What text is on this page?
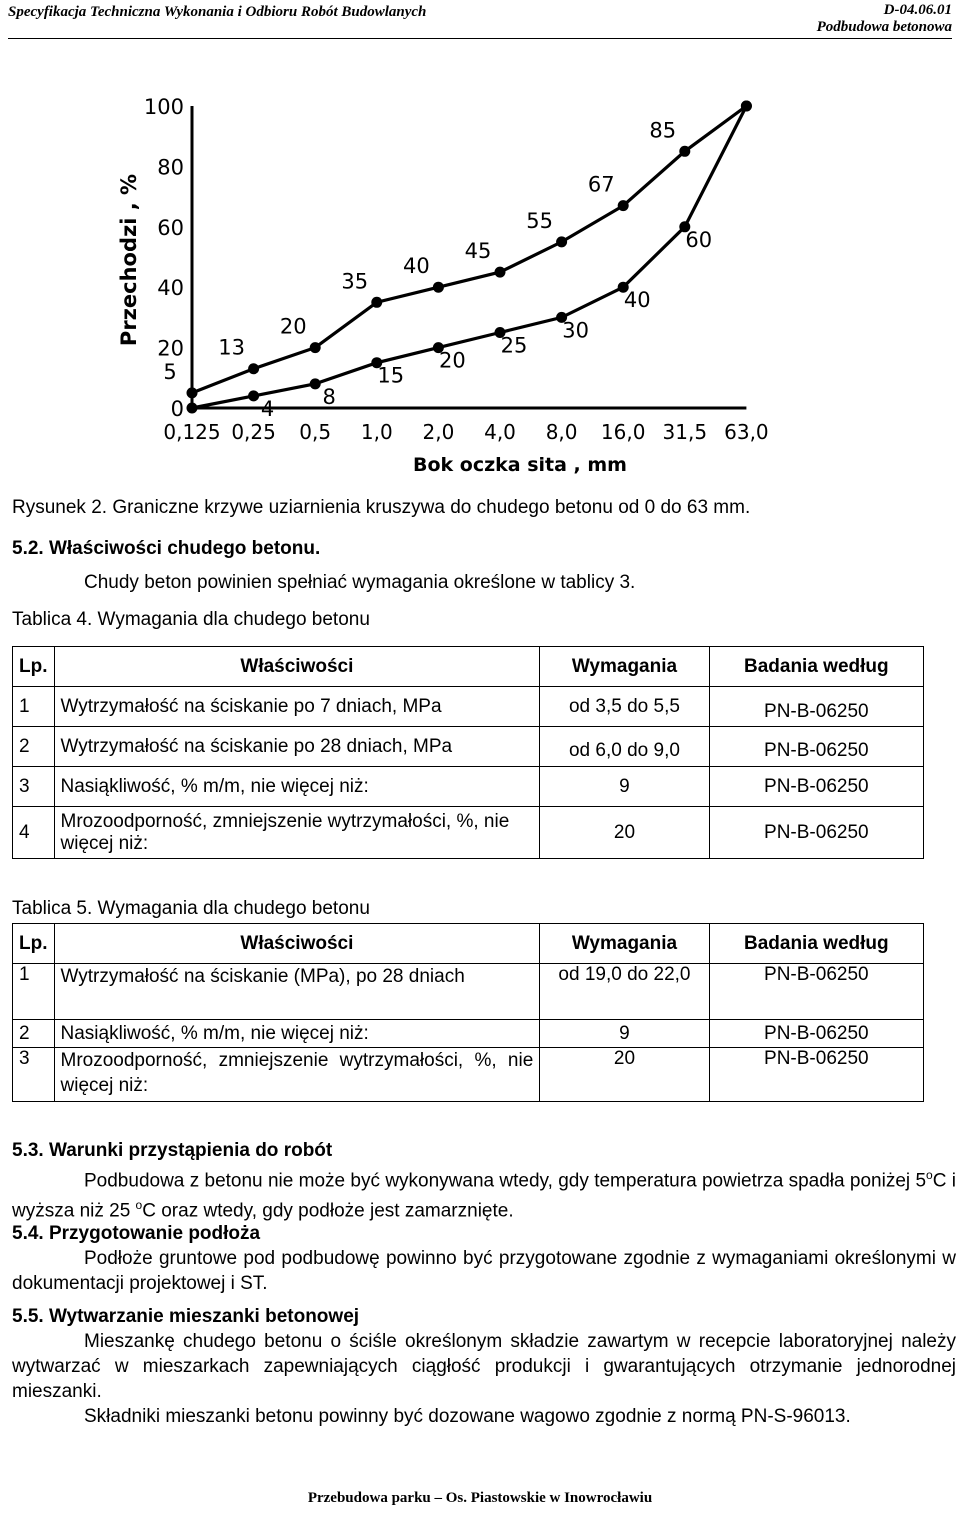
Specyfikacja Techniczna Wykonania i Odbioru Robót Budowlanych	D-04.06.01
Podbudowa betonowa
5
13
20
35
40
45
55
67
85
4
8
15
20
25
30
40
60
0,125 0,25 0,5 1,0 2,0 4,0 8,0 16,0 31,5 63,0
100
80
60
40
20
0
Przechodzi , %
Bok oczka sita , mm
Rysunek 2. Graniczne krzywe uziarnienia kruszywa do chudego betonu od 0 do 63 mm.
5.2. Właściwości chudego betonu.
Chudy beton powinien spełniać wymagania określone w tablicy 3.
Tablica 4. Wymagania dla chudego betonu
Lp.	Właściwości	Wymagania	Badania według
1	Wytrzymałość na ściskanie po 7 dniach, MPa	od 3,5 do 5,5	PN-B-06250
2	Wytrzymałość na ściskanie po 28 dniach, MPa	od 6,0 do 9,0	PN-B-06250
3	Nasiąkliwość, % m/m, nie więcej niż:	9	PN-B-06250
4	Mrozoodporność, zmniejszenie wytrzymałości, %, nie więcej niż:	20	PN-B-06250
Tablica 5. Wymagania dla chudego betonu
Lp.	Właściwości	Wymagania	Badania według
1	Wytrzymałość na ściskanie (MPa), po 28 dniach	od 19,0 do 22,0	PN-B-06250
2	Nasiąkliwość, % m/m, nie więcej niż:	9	PN-B-06250
3	Mrozoodporność, zmniejszenie wytrzymałości, %, nie więcej niż:	20	PN-B-06250

5.3. Warunki przystąpienia do robót

Podbudowa z betonu nie może być wykonywana wtedy, gdy temperatura powietrza spadła poniżej 5$^o$C i wyższa niż 25 $^o$C oraz wtedy, gdy podłoże jest zamarznięte.

5.4. Przygotowanie podłoża

Podłoże gruntowe pod podbudowę powinno być przygotowane zgodnie z wymaganiami określonymi w dokumentacji projektowej i ST.

5.5. Wytwarzanie mieszanki betonowej

Mieszankę chudego betonu o ściśle określonym składzie zawartym w recepcie laboratoryjnej należy wytwarzać w mieszarkach zapewniających ciągłość produkcji i gwarantujących otrzymanie jednorodnej mieszanki.

Składniki mieszanki betonu powinny być dozowane wagowo zgodnie z normą PN-S-96013.

Przebudowa parku – Os. Piastowskie w Inowrocławiu
